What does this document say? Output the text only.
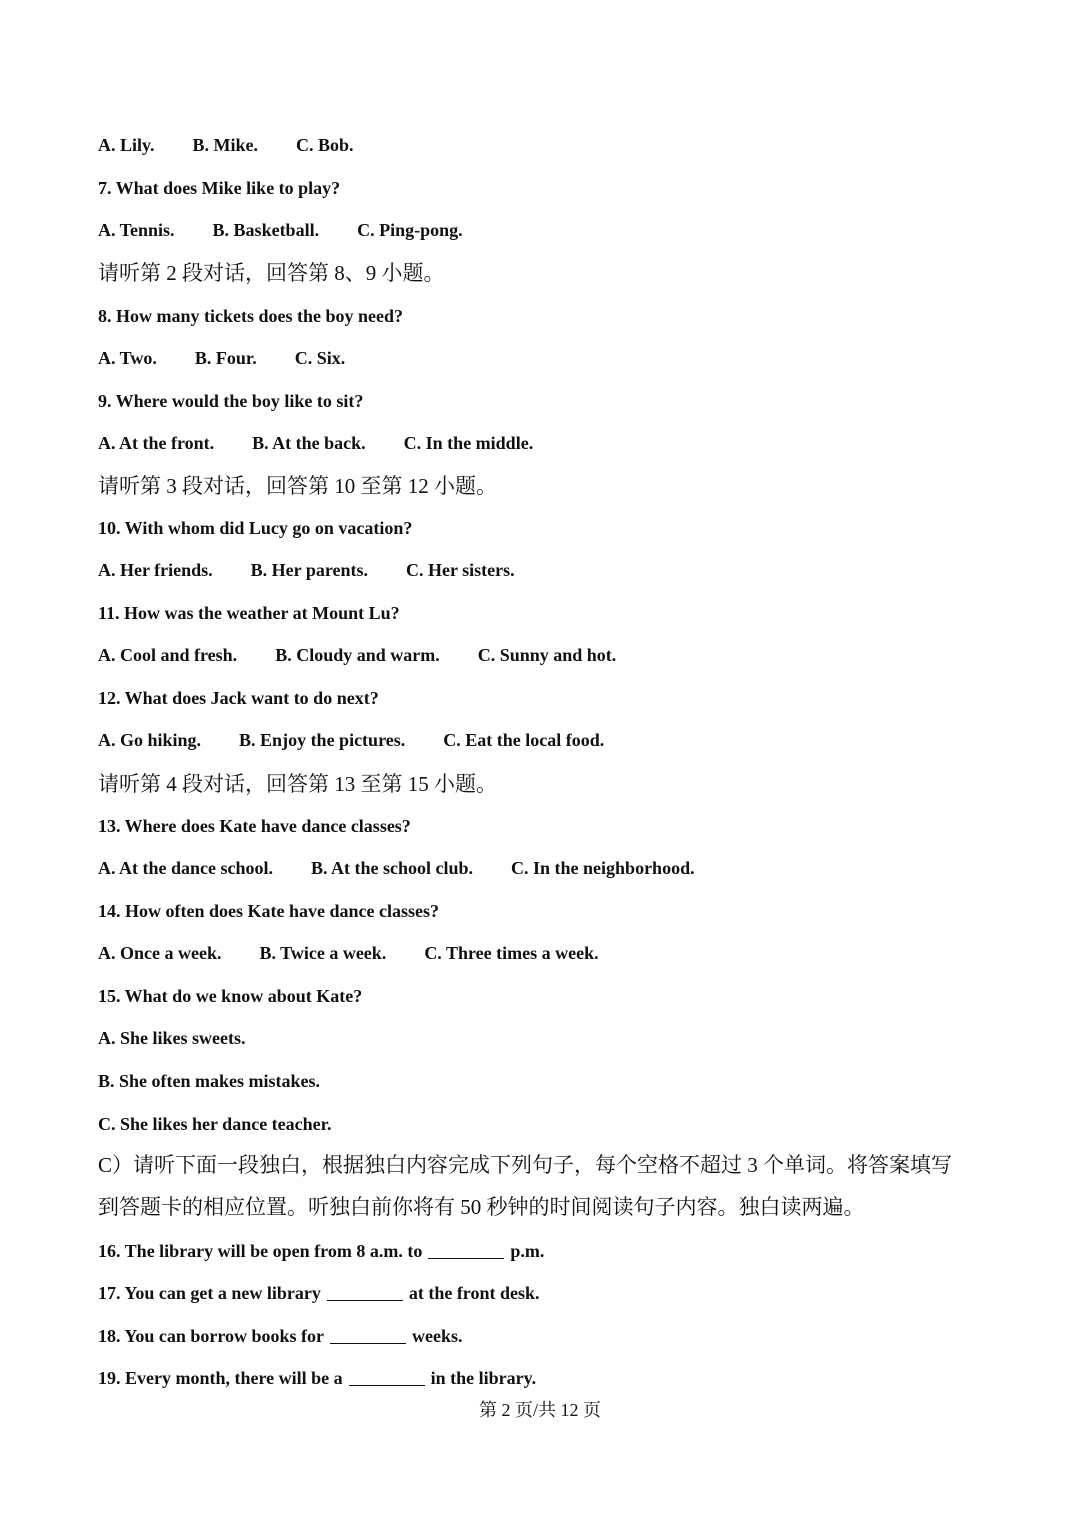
A. Lily. B. Mike. C. Bob.
7. What does Mike like to play?
A. Tennis. B. Basketball. C. Ping-pong.
请听第 2 段对话，回答第 8、9 小题。
8. How many tickets does the boy need?
A. Two. B. Four. C. Six.
9. Where would the boy like to sit?
A. At the front. B. At the back. C. In the middle.
请听第 3 段对话，回答第 10 至第 12 小题。
10. With whom did Lucy go on vacation?
A. Her friends. B. Her parents. C. Her sisters.
11. How was the weather at Mount Lu?
A. Cool and fresh. B. Cloudy and warm. C. Sunny and hot.
12. What does Jack want to do next?
A. Go hiking. B. Enjoy the pictures. C. Eat the local food.
请听第 4 段对话，回答第 13 至第 15 小题。
13. Where does Kate have dance classes?
A. At the dance school. B. At the school club. C. In the neighborhood.
14. How often does Kate have dance classes?
A. Once a week. B. Twice a week. C. Three times a week.
15. What do we know about Kate?
A. She likes sweets.
B. She often makes mistakes.
C. She likes her dance teacher.
C）请听下面一段独白，根据独白内容完成下列句子，每个空格不超过 3 个单词。将答案填写
到答题卡的相应位置。听独白前你将有 50 秒钟的时间阅读句子内容。独白读两遍。
16. The library will be open from 8 a.m. to	p.m.
17. You can get a new library	at the front desk.
18. You can borrow books for	weeks.
19. Every month, there will be a	in the library.
第 2 页/共 12 页
